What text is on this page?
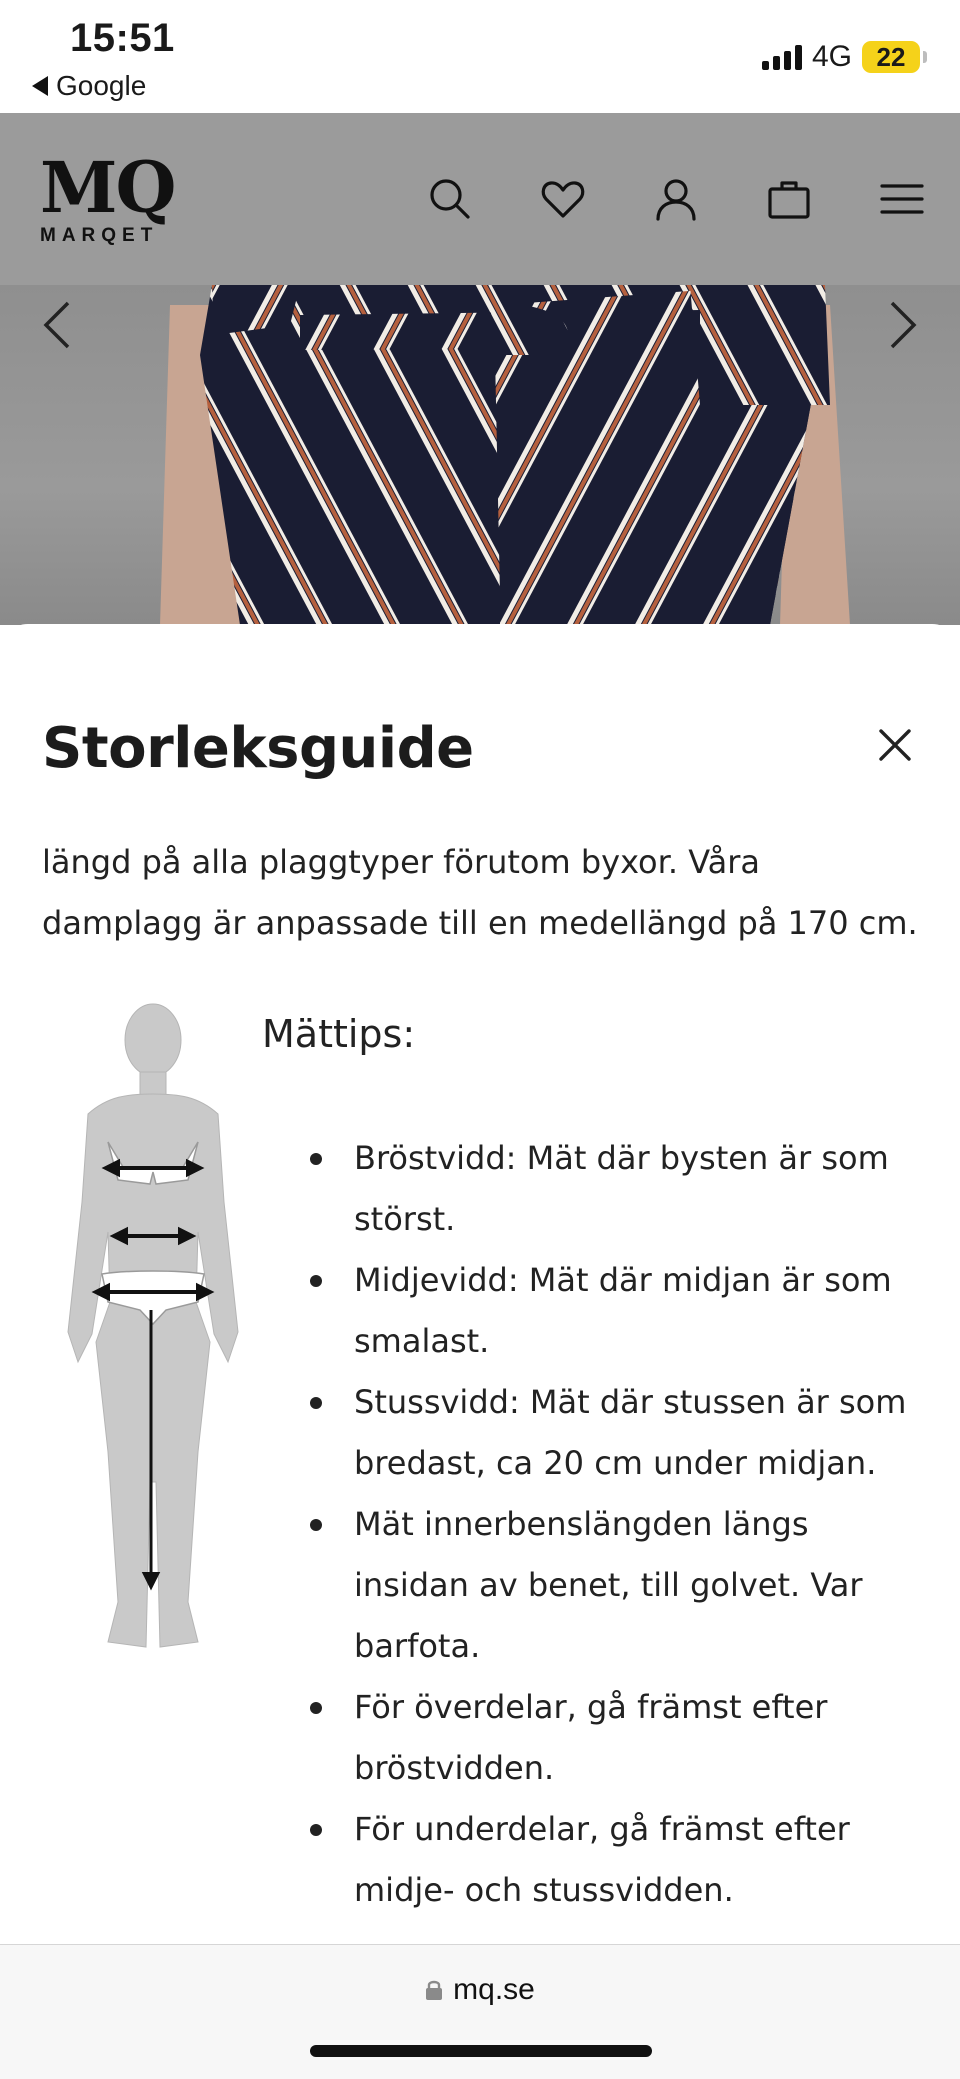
15:51
Google
4G 22
MQ
MARQET
Storleksguide

längd på alla plaggtyper förutom byxor. Våra damplagg är anpassade till en medellängd på 170 cm.

Mättips:
Bröstvidd: Mät där bysten är som störst.
Midjevidd: Mät där midjan är som smalast.
Stussvidd: Mät där stussen är som bredast, ca 20 cm under midjan.
Mät innerbenslängden längs insidan av benet, till golvet. Var barfota.
För överdelar, gå främst efter bröstvidden.
För underdelar, gå främst efter midje- och stussvidden.
mq.se
